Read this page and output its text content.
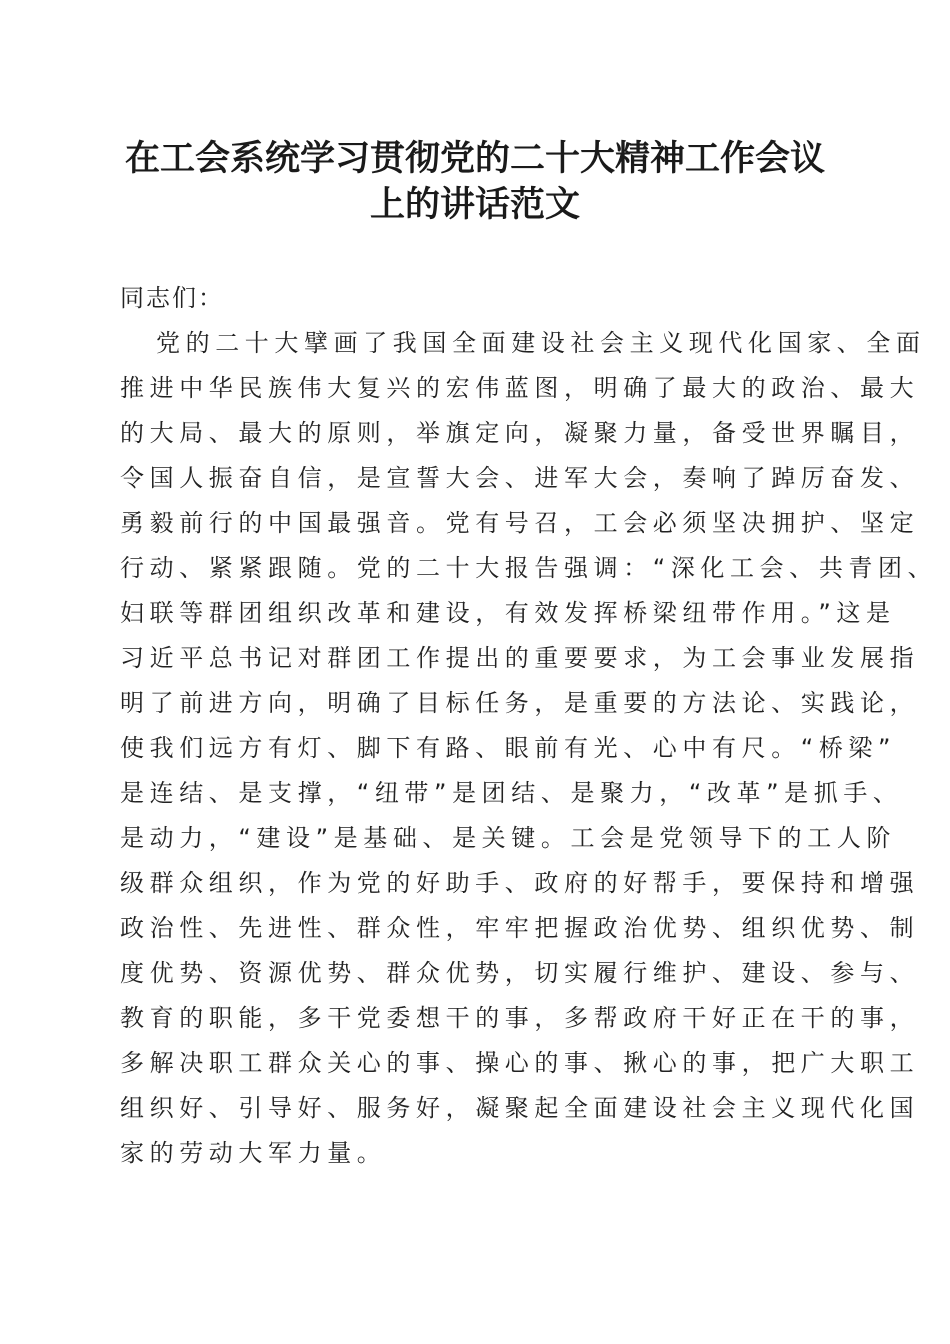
在工会系统学习贯彻党的二十大精神工作会议
上的讲话范文
同志们：
党的二十大擘画了我国全面建设社会主义现代化国家、全面
推进中华民族伟大复兴的宏伟蓝图，明确了最大的政治、最大
的大局、最大的原则，举旗定向，凝聚力量，备受世界瞩目，
令国人振奋自信，是宣誓大会、进军大会，奏响了踔厉奋发、
勇毅前行的中国最强音。党有号召，工会必须坚决拥护、坚定
行动、紧紧跟随。党的二十大报告强调：“深化工会、共青团、
妇联等群团组织改革和建设，有效发挥桥梁纽带作用。”这是
习近平总书记对群团工作提出的重要要求，为工会事业发展指
明了前进方向，明确了目标任务，是重要的方法论、实践论，
使我们远方有灯、脚下有路、眼前有光、心中有尺。“桥梁”
是连结、是支撑，“纽带”是团结、是聚力，“改革”是抓手、
是动力，“建设”是基础、是关键。工会是党领导下的工人阶
级群众组织，作为党的好助手、政府的好帮手，要保持和增强
政治性、先进性、群众性，牢牢把握政治优势、组织优势、制
度优势、资源优势、群众优势，切实履行维护、建设、参与、
教育的职能，多干党委想干的事，多帮政府干好正在干的事，
多解决职工群众关心的事、操心的事、揪心的事，把广大职工
组织好、引导好、服务好，凝聚起全面建设社会主义现代化国
家的劳动大军力量。
